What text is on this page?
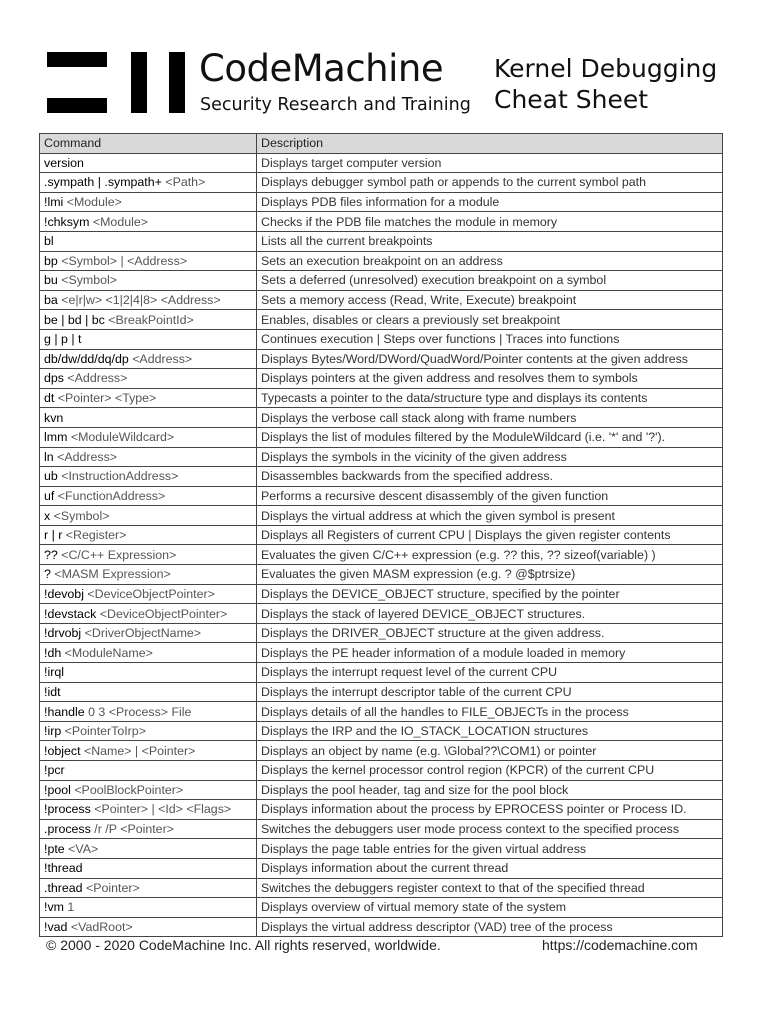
CodeMachine
Security Research and Training
Kernel Debugging
Cheat Sheet
Command	Description
version	Displays target computer version
.sympath | .sympath+ <Path>	Displays debugger symbol path or appends to the current symbol path
!lmi <Module>	Displays PDB files information for a module
!chksym <Module>	Checks if the PDB file matches the module in memory
bl	Lists all the current breakpoints
bp <Symbol> | <Address>	Sets an execution breakpoint on an address
bu <Symbol>	Sets a deferred (unresolved) execution breakpoint on a symbol
ba <e|r|w> <1|2|4|8> <Address>	Sets a memory access (Read, Write, Execute) breakpoint
be | bd | bc <BreakPointId>	Enables, disables or clears a previously set breakpoint
g | p | t	Continues execution | Steps over functions | Traces into functions
db/dw/dd/dq/dp <Address>	Displays Bytes/Word/DWord/QuadWord/Pointer contents at the given address
dps <Address>	Displays pointers at the given address and resolves them to symbols
dt <Pointer> <Type>	Typecasts a pointer to the data/structure type and displays its contents
kvn	Displays the verbose call stack along with frame numbers
lmm <ModuleWildcard>	Displays the list of modules filtered by the ModuleWildcard (i.e. '*' and '?').
ln <Address>	Displays the symbols in the vicinity of the given address
ub <InstructionAddress>	Disassembles backwards from the specified address.
uf <FunctionAddress>	Performs a recursive descent disassembly of the given function
x <Symbol>	Displays the virtual address at which the given symbol is present
r | r <Register>	Displays all Registers of current CPU | Displays the given register contents
?? <C/C++ Expression>	Evaluates the given C/C++ expression (e.g. ?? this, ?? sizeof(variable) )
? <MASM Expression>	Evaluates the given MASM expression (e.g. ? @$ptrsize)
!devobj <DeviceObjectPointer>	Displays the DEVICE_OBJECT structure, specified by the pointer
!devstack <DeviceObjectPointer>	Displays the stack of layered DEVICE_OBJECT structures.
!drvobj <DriverObjectName>	Displays the DRIVER_OBJECT structure at the given address.
!dh <ModuleName>	Displays the PE header information of a module loaded in memory
!irql	Displays the interrupt request level of the current CPU
!idt	Displays the interrupt descriptor table of the current CPU
!handle 0 3 <Process> File	Displays details of all the handles to FILE_OBJECTs in the process
!irp <PointerToIrp>	Displays the IRP and the IO_STACK_LOCATION structures
!object <Name> | <Pointer>	Displays an object by name (e.g. \Global??\COM1) or pointer
!pcr	Displays the kernel processor control region (KPCR) of the current CPU
!pool <PoolBlockPointer>	Displays the pool header, tag and size for the pool block
!process <Pointer> | <Id> <Flags>	Displays information about the process by EPROCESS pointer or Process ID.
.process /r /P <Pointer>	Switches the debuggers user mode process context to the specified process
!pte <VA>	Displays the page table entries for the given virtual address
!thread	Displays information about the current thread
.thread <Pointer>	Switches the debuggers register context to that of the specified thread
!vm 1	Displays overview of virtual memory state of the system
!vad <VadRoot>	Displays the virtual address descriptor (VAD) tree of the process
© 2000 - 2020 CodeMachine Inc. All rights reserved, worldwide.	https://codemachine.com
